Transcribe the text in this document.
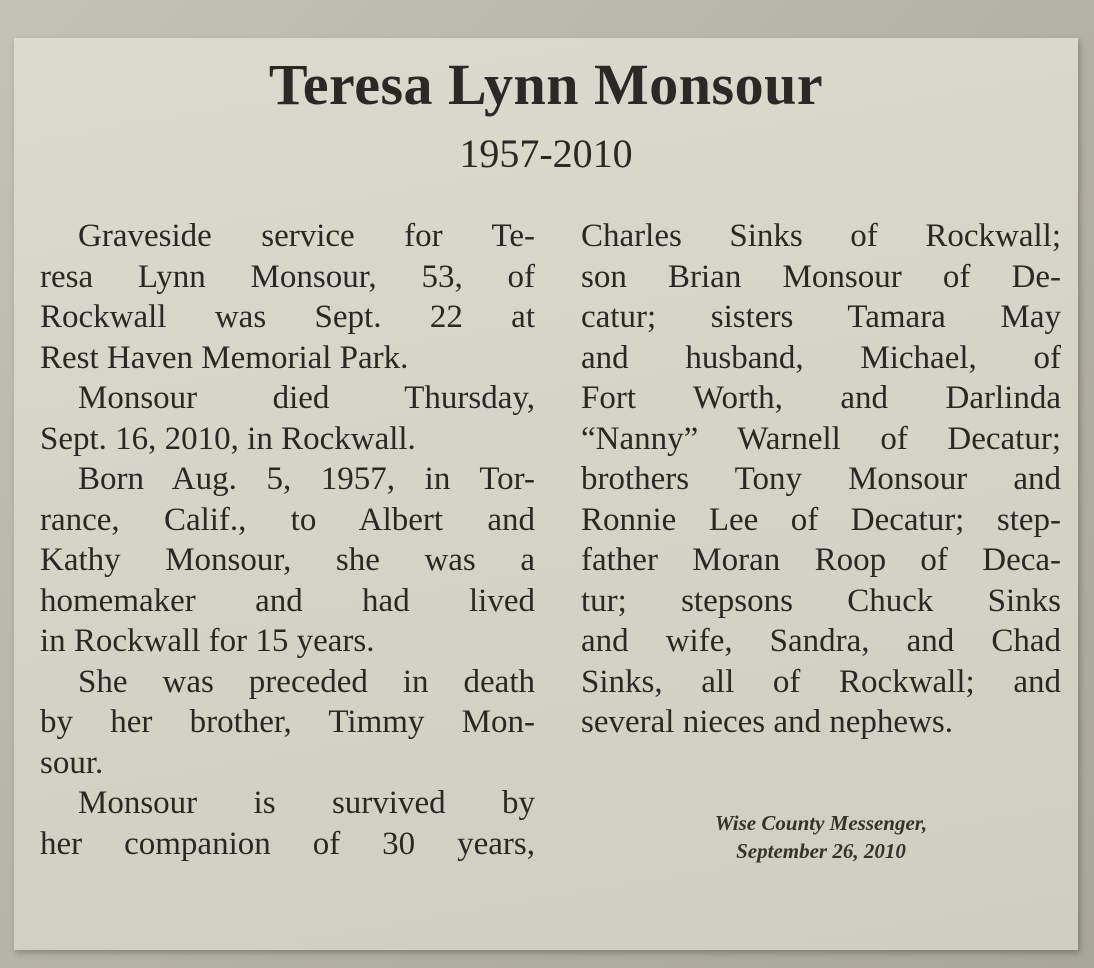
Teresa Lynn Monsour
1957-2010
Graveside service for Te-
resa Lynn Monsour, 53, of
Rockwall was Sept. 22 at
Rest Haven Memorial Park.
Monsour died Thursday,
Sept. 16, 2010, in Rockwall.
Born Aug. 5, 1957, in Tor-
rance, Calif., to Albert and
Kathy Monsour, she was a
homemaker and had lived
in Rockwall for 15 years.
She was preceded in death
by her brother, Timmy Mon-
sour.
Monsour is survived by
her companion of 30 years,
Charles Sinks of Rockwall;
son Brian Monsour of De-
catur; sisters Tamara May
and husband, Michael, of
Fort Worth, and Darlinda
“Nanny” Warnell of Decatur;
brothers Tony Monsour and
Ronnie Lee of Decatur; step-
father Moran Roop of Deca-
tur; stepsons Chuck Sinks
and wife, Sandra, and Chad
Sinks, all of Rockwall; and
several nieces and nephews.
Wise County Messenger,
September 26, 2010
